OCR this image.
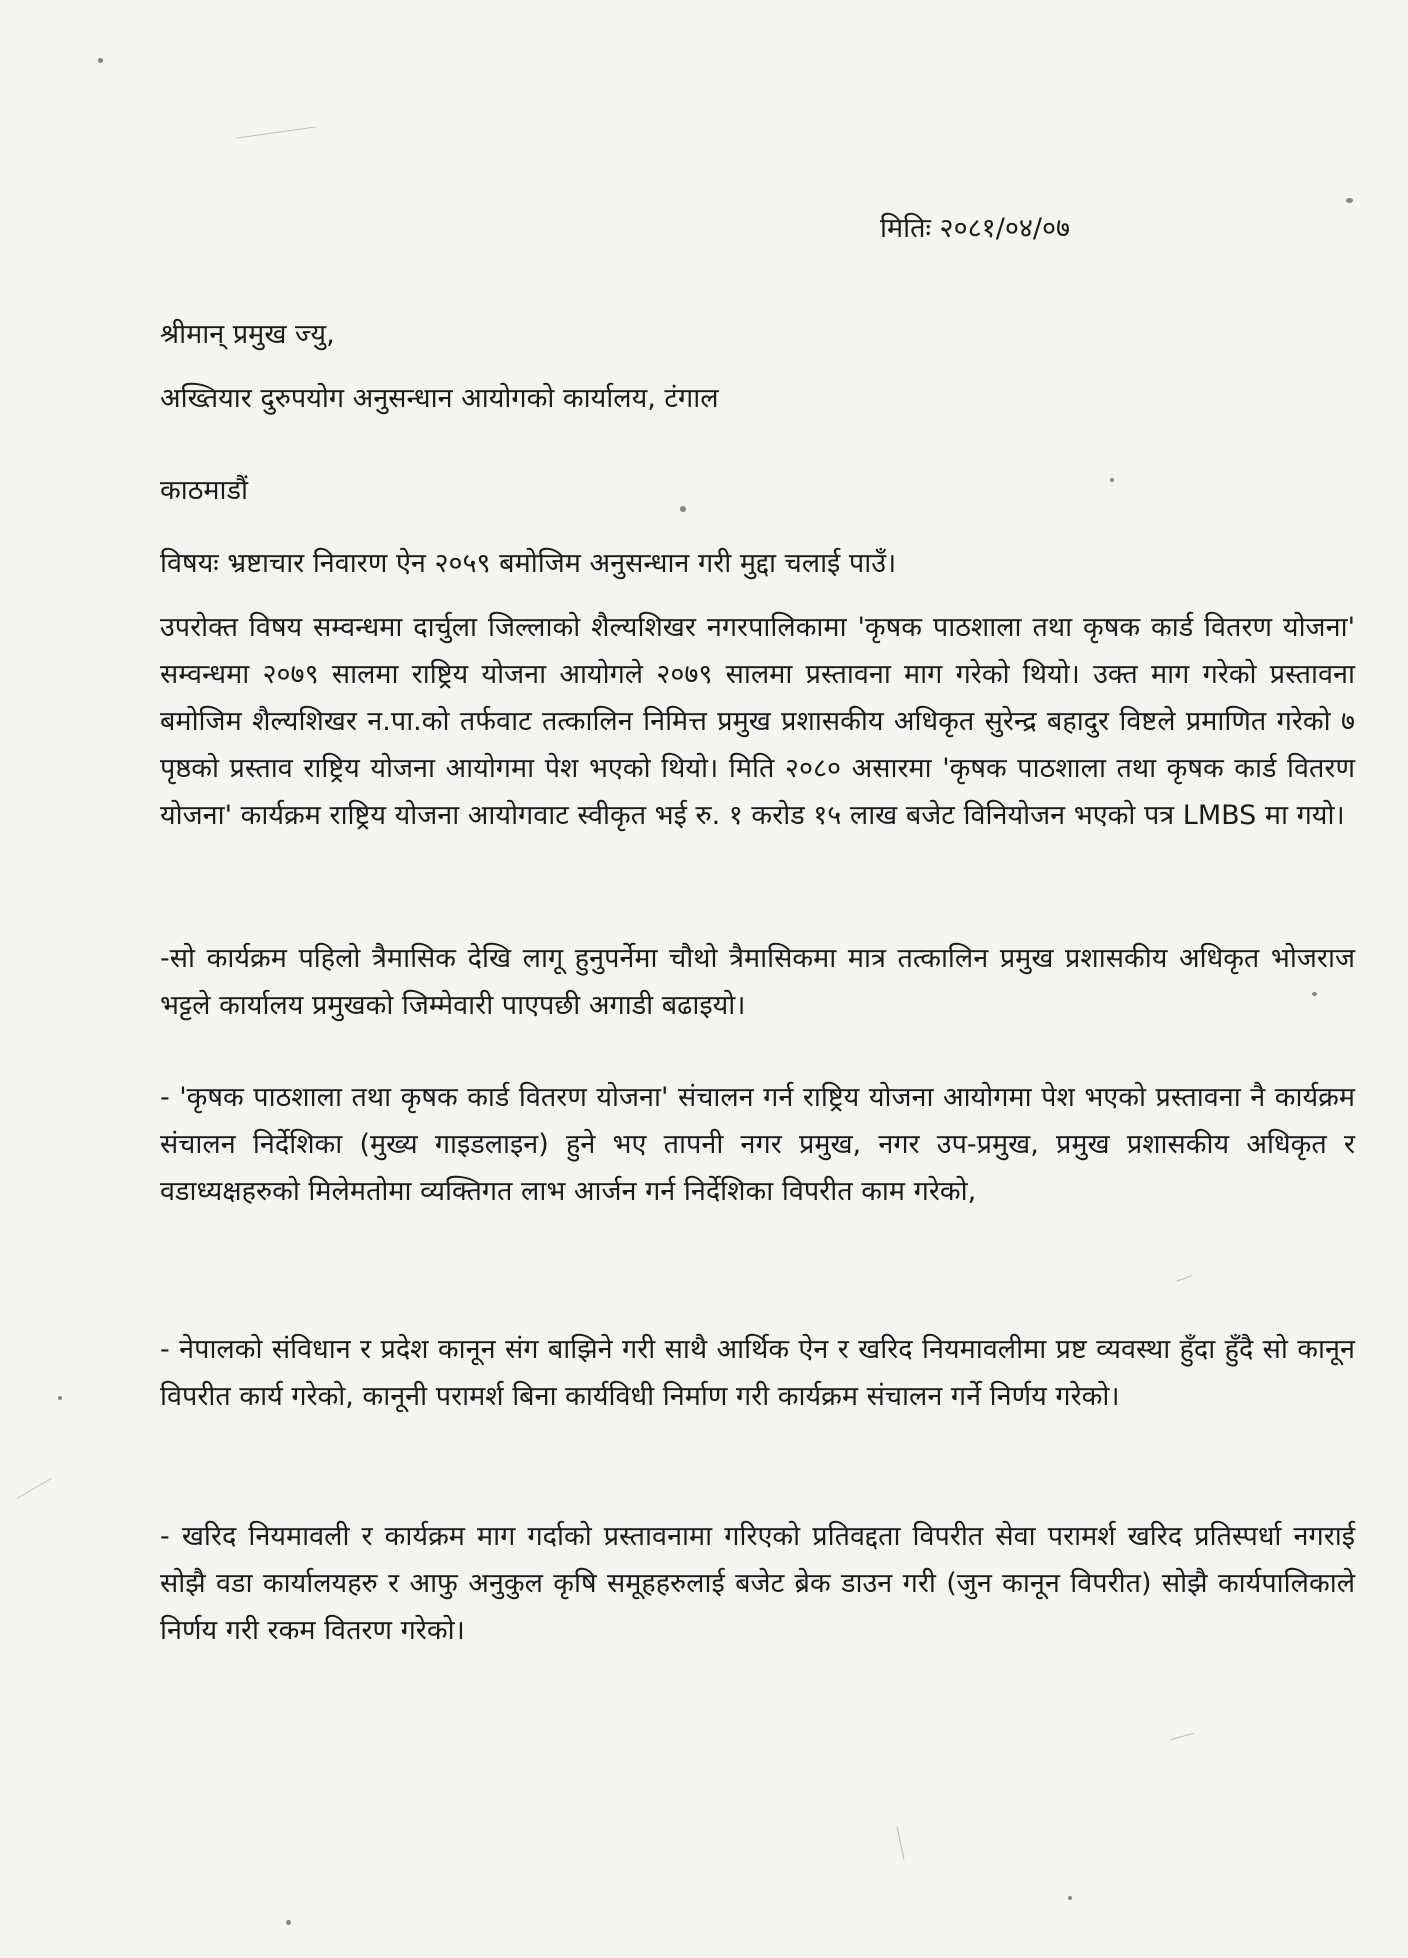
मितिः २०८१/०४/०७
श्रीमान् प्रमुख ज्यु,
अख्तियार दुरुपयोग अनुसन्धान आयोगको कार्यालय, टंगाल
काठमाडौं
विषयः भ्रष्टाचार निवारण ऐन २०५९ बमोजिम अनुसन्धान गरी मुद्दा चलाई पाउँ।
उपरोक्त विषय सम्वन्धमा दार्चुला जिल्लाको शैल्यशिखर नगरपालिकामा 'कृषक पाठशाला तथा कृषक कार्ड वितरण योजना' सम्वन्धमा २०७९ सालमा राष्ट्रिय योजना आयोगले २०७९ सालमा प्रस्तावना माग गरेको थियो। उक्त माग गरेको प्रस्तावना बमोजिम शैल्यशिखर न.पा.को तर्फवाट तत्कालिन निमित्त प्रमुख प्रशासकीय अधिकृत सुरेन्द्र बहादुर विष्टले प्रमाणित गरेको ७ पृष्ठको प्रस्ताव राष्ट्रिय योजना आयोगमा पेश भएको थियो। मिति २०८० असारमा 'कृषक पाठशाला तथा कृषक कार्ड वितरण योजना' कार्यक्रम राष्ट्रिय योजना आयोगवाट स्वीकृत भई रु. १ करोड १५ लाख बजेट विनियोजन भएको पत्र LMBS मा गयो।
-सो कार्यक्रम पहिलो त्रैमासिक देखि लागू हुनुपर्नेमा चौथो त्रैमासिकमा मात्र तत्कालिन प्रमुख प्रशासकीय अधिकृत भोजराज भट्टले कार्यालय प्रमुखको जिम्मेवारी पाएपछी अगाडी बढाइयो।
- 'कृषक पाठशाला तथा कृषक कार्ड वितरण योजना' संचालन गर्न राष्ट्रिय योजना आयोगमा पेश भएको प्रस्तावना नै कार्यक्रम संचालन निर्देशिका (मुख्य गाइडलाइन) हुने भए तापनी नगर प्रमुख, नगर उप-प्रमुख, प्रमुख प्रशासकीय अधिकृत र वडाध्यक्षहरुको मिलेमतोमा व्यक्तिगत लाभ आर्जन गर्न निर्देशिका विपरीत काम गरेको,
- नेपालको संविधान र प्रदेश कानून संग बाझिने गरी साथै आर्थिक ऐन र खरिद नियमावलीमा प्रष्ट व्यवस्था हुँदा हुँदै सो कानून विपरीत कार्य गरेको, कानूनी परामर्श बिना कार्यविधी निर्माण गरी कार्यक्रम संचालन गर्ने निर्णय गरेको।
- खरिद नियमावली र कार्यक्रम माग गर्दाको प्रस्तावनामा गरिएको प्रतिवद्दता विपरीत सेवा परामर्श खरिद प्रतिस्पर्धा नगराई सोझै वडा कार्यालयहरु र आफु अनुकुल कृषि समूहहरुलाई बजेट ब्रेक डाउन गरी (जुन कानून विपरीत) सोझै कार्यपालिकाले निर्णय गरी रकम वितरण गरेको।
